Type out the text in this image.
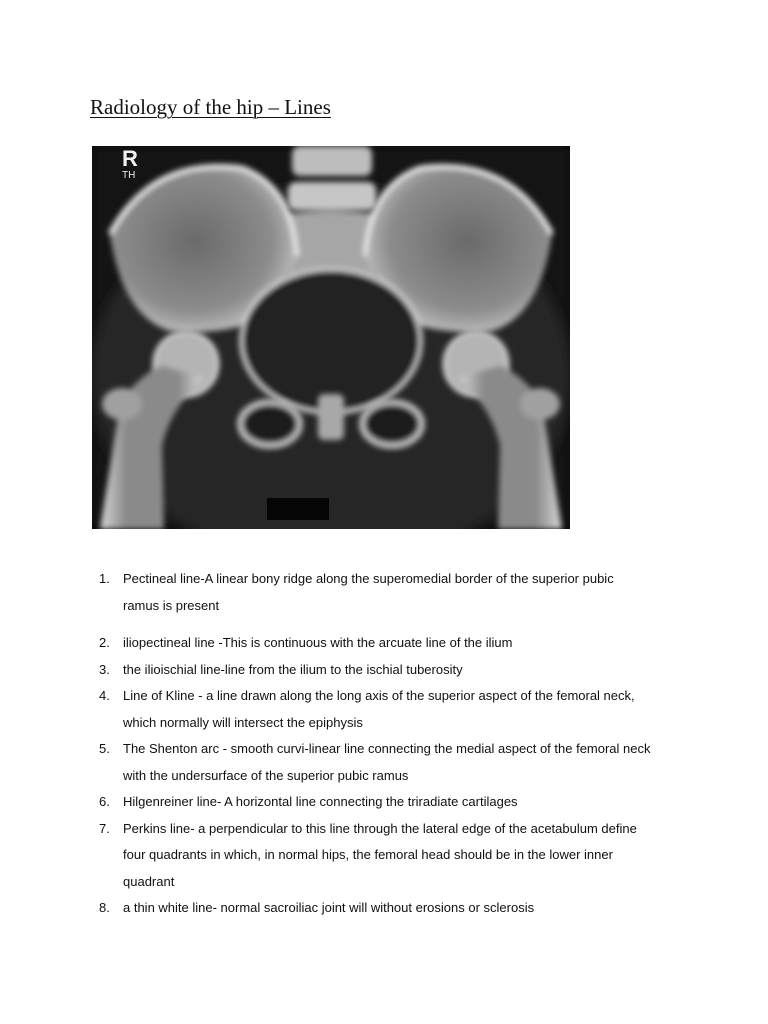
Radiology of the hip – Lines
R
TH
1. Pectineal line-A linear bony ridge along the superomedial border of the superior pubic
ramus is present
2. iliopectineal line -This is continuous with the arcuate line of the ilium
3. the ilioischial line-line from the ilium to the ischial tuberosity
4. Line of Kline - a line drawn along the long axis of the superior aspect of the femoral neck,
which normally will intersect the epiphysis
5. The Shenton arc - smooth curvi-linear line connecting the medial aspect of the femoral neck
with the undersurface of the superior pubic ramus
6. Hilgenreiner line- A horizontal line connecting the triradiate cartilages
7. Perkins line- a perpendicular to this line through the lateral edge of the acetabulum define
four quadrants in which, in normal hips, the femoral head should be in the lower inner
quadrant
8. a thin white line- normal sacroiliac joint will without erosions or sclerosis
